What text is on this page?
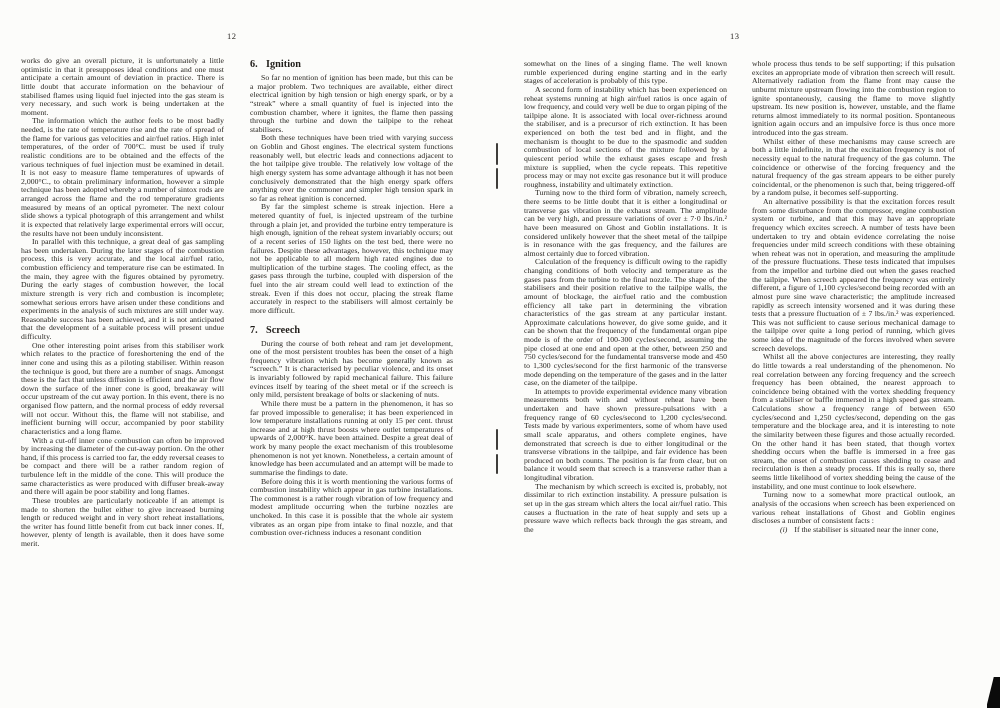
12	13

works do give an overall picture, it is unfortunately a little optimistic in that it presupposes ideal conditions and one must anticipate a certain amount of deviation in practice. There is little doubt that accurate information on the behaviour of stabilised flames using liquid fuel injected into the gas steam is very necessary, and such work is being undertaken at the moment.

The information which the author feels to be most badly needed, is the rate of temperature rise and the rate of spread of the flame for various gas velocities and air/fuel ratios. High inlet temperatures, of the order of 700°C. must be used if truly realistic conditions are to be obtained and the effects of the various techniques of fuel injection must be examined in detail. It is not easy to measure flame temperatures of upwards of 2,000°C., to obtain preliminary information, however a simple technique has been adopted whereby a number of sintox rods are arranged across the flame and the rod temperature gradients measured by means of an optical pyrometer. The next colour slide shows a typical photograph of this arrangement and whilst it is expected that relatively large experimental errors will occur, the results have not been unduly inconsistent.

In parallel with this technique, a great deal of gas sampling has been undertaken. During the later stages of the combustion process, this is very accurate, and the local air/fuel ratio, combustion efficiency and temperature rise can be estimated. In the main, they agree with the figures obtained by pyrometry. During the early stages of combustion however, the local mixture strength is very rich and combustion is incomplete; somewhat serious errors have arisen under these conditions and experiments in the analysis of such mixtures are still under way. Reasonable success has been achieved, and it is not anticipated that the development of a suitable process will present undue difficulty.

One other interesting point arises from this stabiliser work which relates to the practice of foreshortening the end of the inner cone and using this as a piloting stabiliser. Within reason the technique is good, but there are a number of snags. Amongst these is the fact that unless diffusion is efficient and the air flow down the surface of the inner cone is good, breakaway will occur upstream of the cut away portion. In this event, there is no organised flow pattern, and the normal process of eddy reversal will not occur. Without this, the flame will not stabilise, and inefficient burning will occur, accompanied by poor stability characteristics and a long flame.

With a cut-off inner cone combustion can often be improved by increasing the diameter of the cut-away portion. On the other hand, if this process is carried too far, the eddy reversal ceases to be compact and there will be a rather random region of turbulence left in the middle of the cone. This will produce the same characteristics as were produced with diffuser break-away and there will again be poor stability and long flames.

These troubles are particularly noticeable if an attempt is made to shorten the bullet either to give increased burning length or reduced weight and in very short reheat installations, the writer has found little benefit from cut back inner cones. If, however, plenty of length is available, then it does have some merit.

6. Ignition

So far no mention of ignition has been made, but this can be a major problem. Two techniques are available, either direct electrical ignition by high tension or high energy spark, or by a “streak” where a small quantity of fuel is injected into the combustion chamber, where it ignites, the flame then passing through the turbine and down the tailpipe to the reheat stabilisers.

Both these techniques have been tried with varying success on Goblin and Ghost engines. The electrical system functions reasonably well, but electric leads and connections adjacent to the hot tailpipe give trouble. The relatively low voltage of the high energy system has some advantage although it has not been conclusively demonstrated that the high energy spark offers anything over the commoner and simpler high tension spark in so far as reheat ignition is concerned.

By far the simplest scheme is streak injection. Here a metered quantity of fuel, is injected upstream of the turbine through a plain jet, and provided the turbine entry temperature is high enough, ignition of the reheat system invariably occurs; out of a recent series of 150 lights on the test bed, there were no failures. Despite these advantages, however, this technique may not be applicable to all modern high rated engines due to multiplication of the turbine stages. The cooling effect, as the gases pass through the turbine, coupled with dispersion of the fuel into the air stream could well lead to extinction of the streak. Even if this does not occur, placing the streak flame accurately in respect to the stabilisers will almost certainly be more difficult.

7. Screech

During the course of both reheat and ram jet development, one of the most persistent troubles has been the onset of a high frequency vibration which has become generally known as “screech.” It is characterised by peculiar violence, and its onset is invariably followed by rapid mechanical failure. This failure evinces itself by tearing of the sheet metal or if the screech is only mild, persistent breakage of bolts or slackening of nuts.

While there must be a pattern in the phenomenon, it has so far proved impossible to generalise; it has been experienced in low temperature installations running at only 15 per cent. thrust increase and at high thrust boosts where outlet temperatures of upwards of 2,000°K. have been attained. Despite a great deal of work by many people the exact mechanism of this troublesome phenomenon is not yet known. Nonetheless, a certain amount of knowledge has been accumulated and an attempt will be made to summarise the findings to date.

Before doing this it is worth mentioning the various forms of combustion instability which appear in gas turbine installations. The commonest is a rather rough vibration of low frequency and modest amplitude occurring when the turbine nozzles are unchoked. In this case it is possible that the whole air system vibrates as an organ pipe from intake to final nozzle, and that combustion over-richness induces a resonant condition

somewhat on the lines of a singing flame. The well known rumble experienced during engine starting and in the early stages of acceleration is probably of this type.

A second form of instability which has been experienced on reheat systems running at high air/fuel ratios is once again of low frequency, and could very well be due to organ piping of the tailpipe alone. It is associated with local over-richness around the stabiliser, and is a precursor of rich extinction. It has been experienced on both the test bed and in flight, and the mechanism is thought to be due to the spasmodic and sudden combustion of local sections of the mixture followed by a quiescent period while the exhaust gases escape and fresh mixture is supplied, when the cycle repeats. This repetitive process may or may not excite gas resonance but it will produce roughness, instability and ultimately extinction.

Turning now to the third form of vibration, namely screech, there seems to be little doubt that it is either a longitudinal or transverse gas vibration in the exhaust stream. The amplitude can be very high, and pressure variations of over ± 7·0 lbs./in.² have been measured on Ghost and Goblin installations. It is considered unlikely however that the sheet metal of the tailpipe is in resonance with the gas frequency, and the failures are almost certainly due to forced vibration.

Calculation of the frequency is difficult owing to the rapidly changing conditions of both velocity and temperature as the gases pass from the turbine to the final nozzle. The shape of the stabilisers and their position relative to the tailpipe walls, the amount of blockage, the air/fuel ratio and the combustion efficiency all take part in determining the vibration characteristics of the gas stream at any particular instant. Approximate calculations however, do give some guide, and it can be shown that the frequency of the fundamental organ pipe mode is of the order of 100-300 cycles/second, assuming the pipe closed at one end and open at the other, between 250 and 750 cycles/second for the fundamental transverse mode and 450 to 1,300 cycles/second for the first harmonic of the transverse mode depending on the temperature of the gases and in the latter case, on the diameter of the tailpipe.

In attempts to provide experimental evidence many vibration measurements both with and without reheat have been undertaken and have shown pressure-pulsations with a frequency range of 60 cycles/second to 1,200 cycles/second. Tests made by various experimenters, some of whom have used small scale apparatus, and others complete engines, have demonstrated that screech is due to either longitudinal or the transverse vibrations in the tailpipe, and fair evidence has been produced on both counts. The position is far from clear, but on balance it would seem that screech is a transverse rather than a longitudinal vibration.

The mechanism by which screech is excited is, probably, not dissimilar to rich extinction instability. A pressure pulsation is set up in the gas stream which alters the local air/fuel ratio. This causes a fluctuation in the rate of heat supply and sets up a pressure wave which reflects back through the gas stream, and the

whole process thus tends to be self supporting; if this pulsation excites an appropriate mode of vibration then screech will result. Alternatively radiation from the flame front may cause the unburnt mixture upstream flowing into the combustion region to ignite spontaneously, causing the flame to move slightly upstream. Its new position is, however, unstable, and the flame returns almost immediately to its normal position. Spontaneous ignition again occurs and an impulsive force is thus once more introduced into the gas stream.

Whilst either of these mechanisms may cause screech are both a little indefinite, in that the excitation frequency is not of necessity equal to the natural frequency of the gas column. The coincidence or otherwise of the forcing frequency and the natural frequency of the gas stream appears to be either purely coincidental, or the phenomenon is such that, being triggered-off by a random pulse, it becomes self-supporting.

An alternative possibility is that the excitation forces result from some disturbance from the compressor, engine combustion system or turbine, and that this may have an appropriate frequency which excites screech. A number of tests have been undertaken to try and obtain evidence correlating the noise frequencies under mild screech conditions with these obtaining when reheat was not in operation, and measuring the amplitude of the pressure fluctuations. These tests indicated that impulses from the impellor and turbine died out when the gases reached the tailpipe. When screech appeared the frequency was entirely different, a figure of 1,100 cycles/second being recorded with an almost pure sine wave characteristic; the amplitude increased rapidly as screech intensity worsened and it was during these tests that a pressure fluctuation of ± 7 lbs./in.² was experienced. This was not sufficient to cause serious mechanical damage to the tailpipe over quite a long period of running, which gives some idea of the magnitude of the forces involved when severe screech develops.

Whilst all the above conjectures are interesting, they really do little towards a real understanding of the phenomenon. No real correlation between any forcing frequency and the screech frequency has been obtained, the nearest approach to coincidence being obtained with the vortex shedding frequency from a stabiliser or baffle immersed in a high speed gas stream. Calculations show a frequency range of between 650 cycles/second and 1,250 cycles/second, depending on the gas temperature and the blockage area, and it is interesting to note the similarity between these figures and those actually recorded. On the other hand it has been stated, that though vortex shedding occurs when the baffle is immersed in a free gas stream, the onset of combustion causes shedding to cease and recirculation is then a steady process. If this is really so, there seems little likelihood of vortex shedding being the cause of the instability, and one must continue to look elsewhere.

Turning now to a somewhat more practical outlook, an analysis of the occasions when screech has been experienced on various reheat installations of Ghost and Goblin engines discloses a number of consistent facts :

(i) If the stabiliser is situated near the inner cone,
